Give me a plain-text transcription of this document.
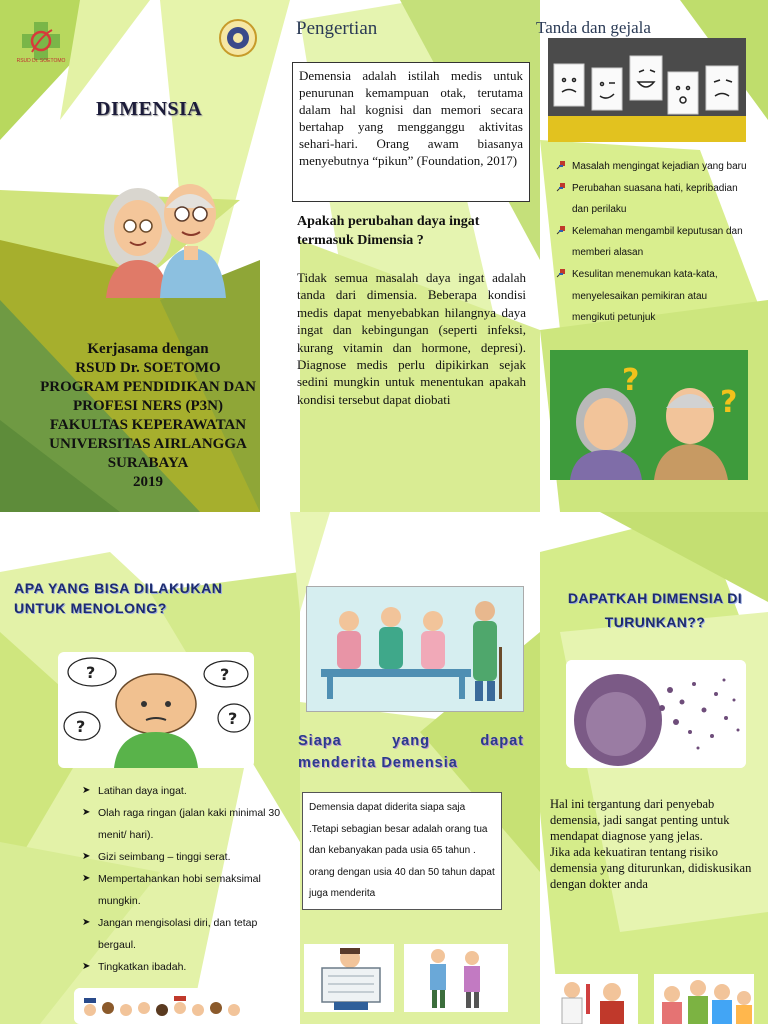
RSUD Dr. SOETOMO
DIMENSIA
Kerjasama dengan
RSUD Dr. SOETOMO
PROGRAM PENDIDIKAN DAN
PROFESI NERS (P3N)
FAKULTAS KEPERAWATAN
UNIVERSITAS AIRLANGGA
SURABAYA
2019
Pengertian
Demensia adalah istilah medis untuk penurunan kemampuan otak, terutama dalam hal kognisi dan memori secara bertahap yang mengganggu aktivitas sehari-hari. Orang awam biasanya menyebutnya “pikun” (Foundation, 2017)
Apakah perubahan daya ingat termasuk Dimensia ?
Tidak semua masalah daya ingat adalah tanda dari dimensia. Beberapa kondisi medis dapat menyebabkan hilangnya daya ingat dan kebingungan (seperti infeksi, kurang vitamin dan hormone, depresi). Diagnose medis perlu dipikirkan sejak sedini mungkin untuk menentukan apakah kondisi tersebut dapat diobati
Tanda dan gejala
Masalah mengingat kejadian yang baru
Perubahan suasana hati, kepribadian dan perilaku
Kelemahan mengambil keputusan dan memberi alasan
Kesulitan menemukan kata-kata, menyelesaikan pemikiran atau mengikuti petunjuk
?
?
APA YANG BISA DILAKUKAN
UNTUK MENOLONG?
?	?
?	?
➤ Latihan daya ingat.
➤ Olah raga ringan (jalan kaki minimal 30 menit/ hari).
➤ Gizi seimbang – tinggi serat.
➤ Mempertahankan hobi semaksimal mungkin.
➤ Jangan mengisolasi diri, dan tetap bergaul.
➤ Tingkatkan ibadah.
Siapa	yang	dapat
menderita Demensia
Demensia dapat diderita siapa saja .Tetapi sebagian besar adalah orang tua dan kebanyakan pada usia 65 tahun . orang dengan usia 40 dan 50 tahun dapat juga menderita
DAPATKAH DIMENSIA DI
TURUNKAN??

Hal ini tergantung dari penyebab demensia, jadi sangat penting untuk mendapat diagnose yang jelas.

Jika ada kekuatiran tentang risiko demensia yang diturunkan, didiskusikan dengan dokter anda
